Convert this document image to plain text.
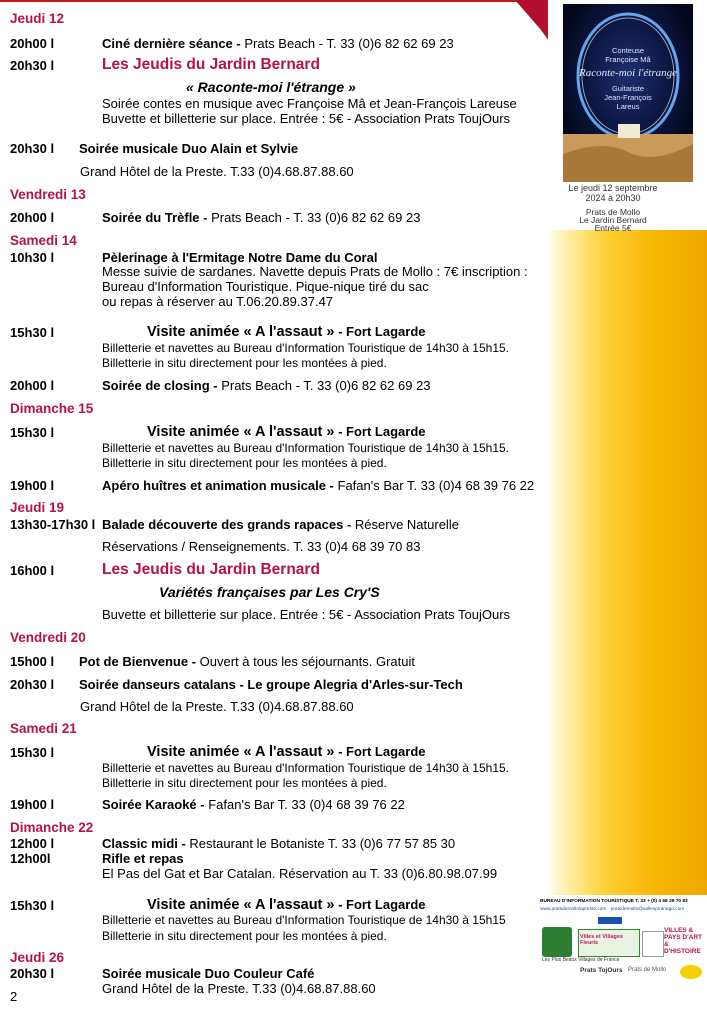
Conteuse
Françoise Mâ
Raconte-moi l'étrange
Guitariste
Jean-François
Lareus
Le jeudi 12 septembre
2024 à 20h30
Prats de Mollo
Le Jardin Bernard
Entrée 5€
BUREAU D'INFORMATION TOURISTIQUE T. 33 + (0) 4 68 39 70 83
www.pratsdemollolapreste.com · pratsdemollo@vallespiranago.com
Les Plus Beaux Villages de France
Villes et Villages Fleuris
VILLES & PAYS D'ART & D'HISTOIRE
Prats TojOurs Prats de Mollo
2
Jeudi 12
20h00 l	Ciné dernière séance - Prats Beach - T. 33 (0)6 82 62 69 23
20h30 l	Les Jeudis du Jardin Bernard
« Raconte-moi l'étrange »
Soirée contes en musique avec Françoise Mâ et Jean-François Lareuse
Buvette et billetterie sur place. Entrée : 5€ - Association Prats ToujOurs
20h30 l Soirée musicale Duo Alain et Sylvie
Grand Hôtel de la Preste. T.33 (0)4.68.87.88.60
Vendredi 13
20h00 l	Soirée du Trèfle - Prats Beach - T. 33 (0)6 82 62 69 23
Samedi 14
10h30 l	Pèlerinage à l'Ermitage Notre Dame du Coral
Messe suivie de sardanes. Navette depuis Prats de Mollo : 7€ inscription :
Bureau d'Information Touristique. Pique-nique tiré du sac
ou repas à réserver au T.06.20.89.37.47
15h30 l	Visite animée « A l'assaut » - Fort Lagarde
Billetterie et navettes au Bureau d'Information Touristique de 14h30 à 15h15.
Billetterie in situ directement pour les montées à pied.
20h00 l	Soirée de closing - Prats Beach - T. 33 (0)6 82 62 69 23
Dimanche 15
15h30 l	Visite animée « A l'assaut » - Fort Lagarde
Billetterie et navettes au Bureau d'Information Touristique de 14h30 à 15h15.
Billetterie in situ directement pour les montées à pied.
19h00 l	Apéro huîtres et animation musicale - Fafan's Bar T. 33 (0)4 68 39 76 22
Jeudi 19
13h30-17h30 l Balade découverte des grands rapaces - Réserve Naturelle
Réservations / Renseignements. T. 33 (0)4 68 39 70 83
16h00 l	Les Jeudis du Jardin Bernard
Variétés françaises par Les Cry'S
Buvette et billetterie sur place. Entrée : 5€ - Association Prats ToujOurs
Vendredi 20
15h00 l Pot de Bienvenue - Ouvert à tous les séjournants. Gratuit
20h30 l Soirée danseurs catalans - Le groupe Alegria d'Arles-sur-Tech
Grand Hôtel de la Preste. T.33 (0)4.68.87.88.60
Samedi 21
15h30 l	Visite animée « A l'assaut » - Fort Lagarde
Billetterie et navettes au Bureau d'Information Touristique de 14h30 à 15h15.
Billetterie in situ directement pour les montées à pied.
19h00 l	Soirée Karaoké - Fafan's Bar T. 33 (0)4 68 39 76 22
Dimanche 22
12h00 l	Classic midi - Restaurant le Botaniste T. 33 (0)6 77 57 85 30
12h00l	Rifle et repas
El Pas del Gat et Bar Catalan. Réservation au T. 33 (0)6.80.98.07.99
15h30 l	Visite animée « A l'assaut » - Fort Lagarde
Billetterie et navettes au Bureau d'Information Touristique de 14h30 à 15h15
Billetterie in situ directement pour les montées à pied.
Jeudi 26
20h30 l	Soirée musicale Duo Couleur Café
Grand Hôtel de la Preste. T.33 (0)4.68.87.88.60
